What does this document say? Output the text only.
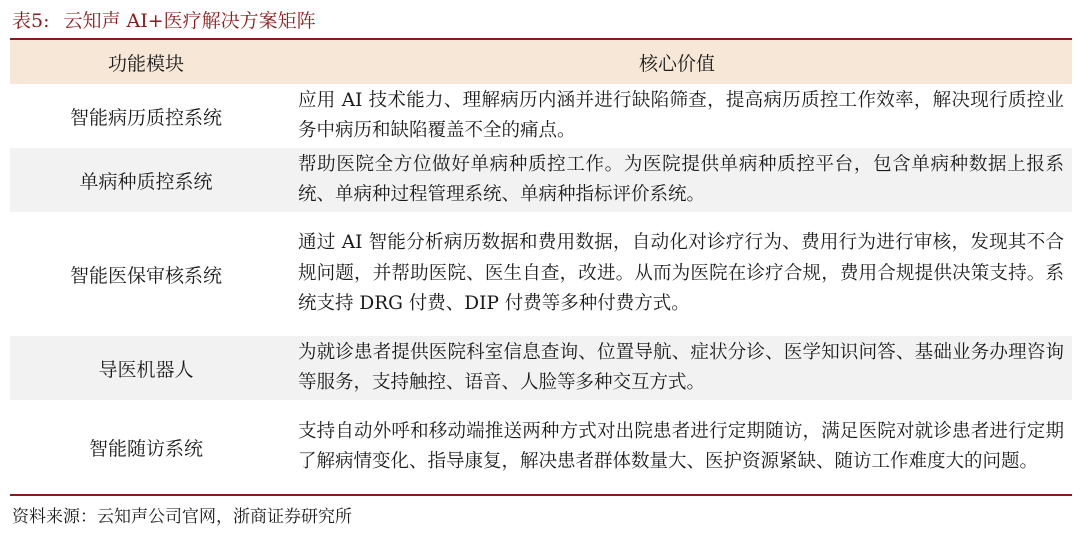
表5: 云知声 AI+医疗解决方案矩阵
功能模块	核心价值
智能病历质控系统	应用 AI 技术能力、理解病历内涵并进行缺陷筛查，提高病历质控工作效率，解决现行质控业务中病历和缺陷覆盖不全的痛点。
单病种质控系统	帮助医院全方位做好单病种质控工作。为医院提供单病种质控平台，包含单病种数据上报系统、单病种过程管理系统、单病种指标评价系统。
智能医保审核系统	通过 AI 智能分析病历数据和费用数据，自动化对诊疗行为、费用行为进行审核，发现其不合规问题，并帮助医院、医生自查，改进。从而为医院在诊疗合规，费用合规提供决策支持。系统支持 DRG 付费、DIP 付费等多种付费方式。
导医机器人	为就诊患者提供医院科室信息查询、位置导航、症状分诊、医学知识问答、基础业务办理咨询等服务，支持触控、语音、人脸等多种交互方式。
智能随访系统	支持自动外呼和移动端推送两种方式对出院患者进行定期随访，满足医院对就诊患者进行定期了解病情变化、指导康复，解决患者群体数量大、医护资源紧缺、随访工作难度大的问题。
资料来源：云知声公司官网，浙商证券研究所
